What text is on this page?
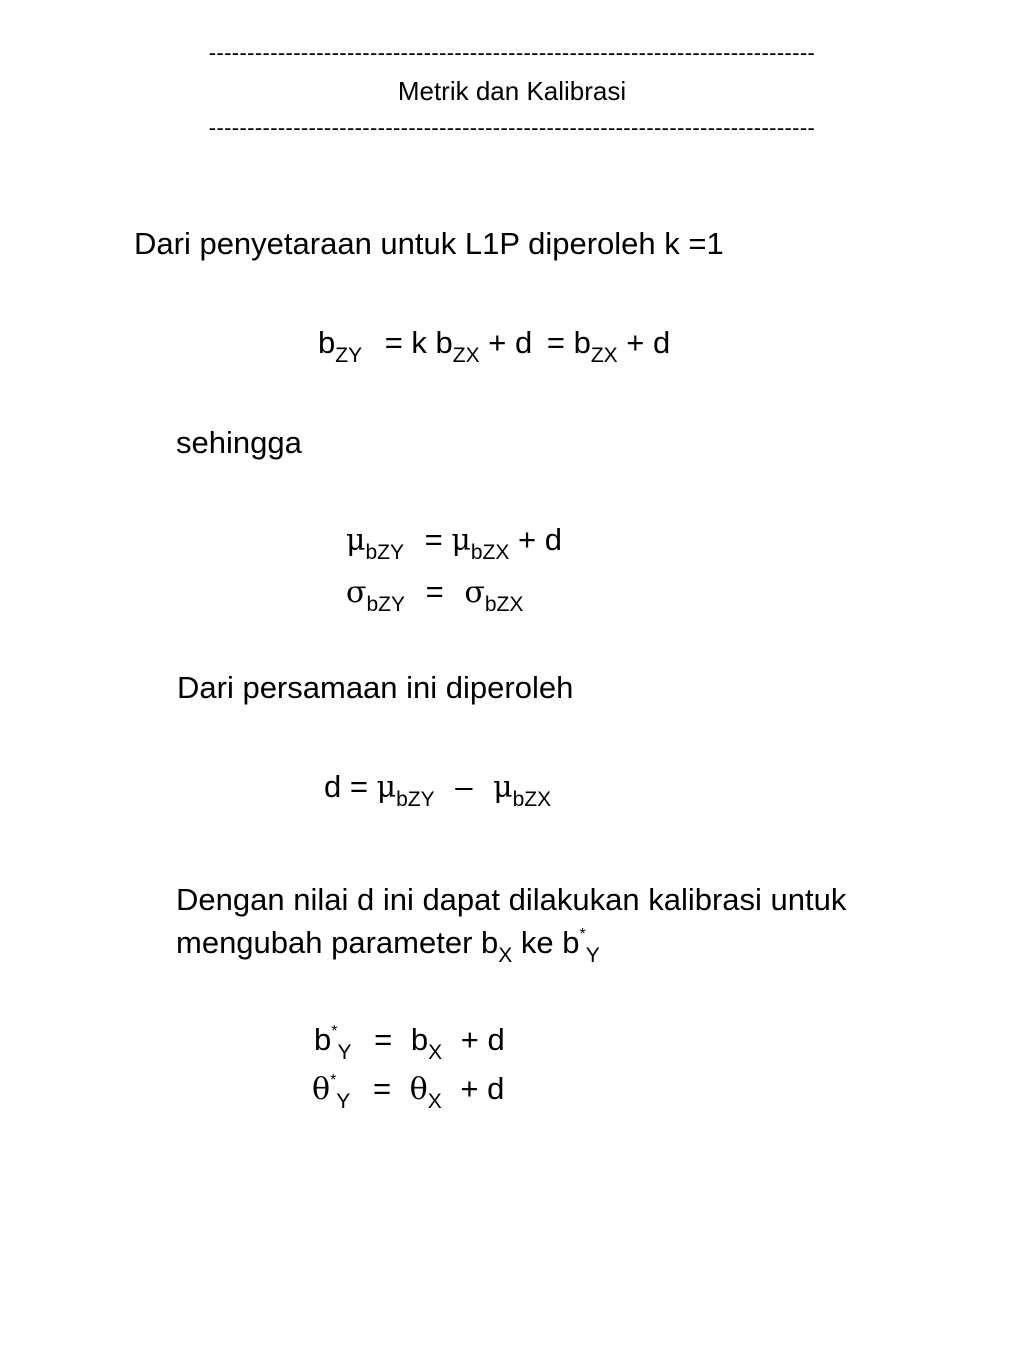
-------------------------------------------------------------------------------
Metrik dan Kalibrasi
-------------------------------------------------------------------------------
Dari penyetaraan untuk L1P diperoleh k =1
$b_{ZY} = k$ $b_{ZX} + d = b_{ZX} + d$
sehingga
$\mu_{bZY} = \mu_{bZX} + d$
$\sigma_{bZY} = \sigma_{bZX}$
Dari persamaan ini diperoleh
$d = \mu_{bZY} - \mu_{bZX}$
Dengan nilai d ini dapat dilakukan kalibrasi untuk
mengubah parameter $b_X$ ke $b^*_Y$
$b^*_Y = b_X + d$
$\theta^*_Y = \theta_X + d$
